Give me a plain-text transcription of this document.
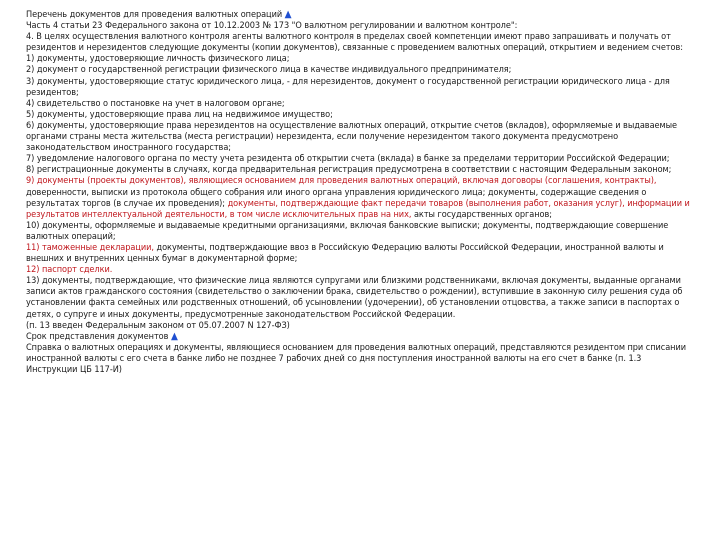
Перечень документов для проведения валютных операций ▲

Часть 4 статьи 23 Федерального закона от 10.12.2003 № 173 "О валютном регулировании и валютном контроле":

4. В целях осуществления валютного контроля агенты валютного контроля в пределах своей компетенции имеют право запрашивать и получать от резидентов и нерезидентов следующие документы (копии документов), связанные с проведением валютных операций, открытием и ведением счетов:

1) документы, удостоверяющие личность физического лица;

2) документ о государственной регистрации физического лица в качестве индивидуального предпринимателя;

3) документы, удостоверяющие статус юридического лица, - для нерезидентов, документ о государственной регистрации юридического лица - для резидентов;

4) свидетельство о постановке на учет в налоговом органе;

5) документы, удостоверяющие права лиц на недвижимое имущество;

6) документы, удостоверяющие права нерезидентов на осуществление валютных операций, открытие счетов (вкладов), оформляемые и выдаваемые органами страны места жительства (места регистрации) нерезидента, если получение нерезидентом такого документа предусмотрено законодательством иностранного государства;

7) уведомление налогового органа по месту учета резидента об открытии счета (вклада) в банке за пределами территории Российской Федерации;

8) регистрационные документы в случаях, когда предварительная регистрация предусмотрена в соответствии с настоящим Федеральным законом;

9) документы (проекты документов), являющиеся основанием для проведения валютных операций, включая договоры (соглашения, контракты), доверенности, выписки из протокола общего собрания или иного органа управления юридического лица; документы, содержащие сведения о результатах торгов (в случае их проведения); документы, подтверждающие факт передачи товаров (выполнения работ, оказания услуг), информации и результатов интеллектуальной деятельности, в том числе исключительных прав на них, акты государственных органов;

10) документы, оформляемые и выдаваемые кредитными организациями, включая банковские выписки; документы, подтверждающие совершение валютных операций;

11) таможенные декларации, документы, подтверждающие ввоз в Российскую Федерацию валюты Российской Федерации, иностранной валюты и внешних и внутренних ценных бумаг в документарной форме;

12) паспорт сделки.

13) документы, подтверждающие, что физические лица являются супругами или близкими родственниками, включая документы, выданные органами записи актов гражданского состояния (свидетельство о заключении брака, свидетельство о рождении), вступившие в законную силу решения суда об установлении факта семейных или родственных отношений, об усыновлении (удочерении), об установлении отцовства, а также записи в паспортах о детях, о супруге и иных документы, предусмотренные законодательством Российской Федерации.

(п. 13 введен Федеральным законом от 05.07.2007 N 127-ФЗ)

Срок представления документов ▲

Справка о валютных операциях и документы, являющиеся основанием для проведения валютных операций, представляются резидентом при списании иностранной валюты с его счета в банке либо не позднее 7 рабочих дней со дня поступления иностранной валюты на его счет в банке (п. 1.3 Инструкции ЦБ 117-И)
